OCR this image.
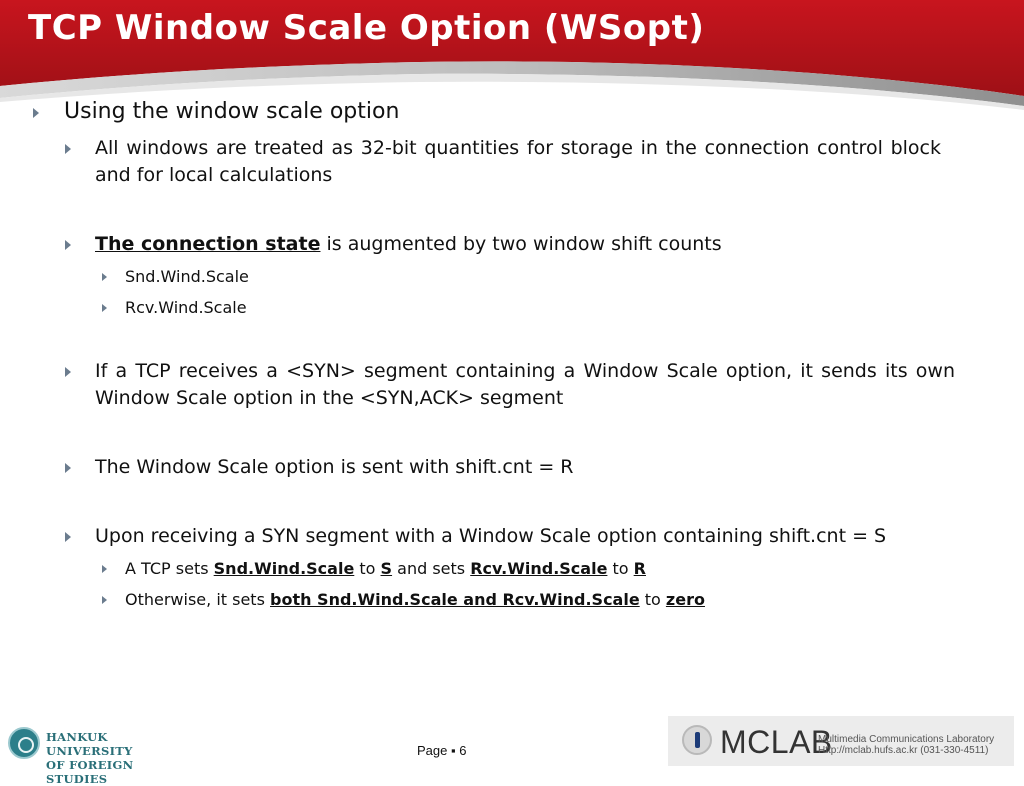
TCP Window Scale Option (WSopt)
Using the window scale option
All windows are treated as 32-bit quantities for storage in the connection control block and for local calculations
The connection state is augmented by two window shift counts
Snd.Wind.Scale
Rcv.Wind.Scale
If a TCP receives a <SYN> segment containing a Window Scale option, it sends its own Window Scale option in the <SYN,ACK> segment
The Window Scale option is sent with shift.cnt = R
Upon receiving a SYN segment with a Window Scale option containing shift.cnt = S
A TCP sets Snd.Wind.Scale to S and sets Rcv.Wind.Scale to R
Otherwise, it sets both Snd.Wind.Scale and Rcv.Wind.Scale to zero
HANKUK UNIVERSITY
OF FOREIGN STUDIES
Page ▪ 6	MCLAB
Multimedia Communications Laboratory
Http://mclab.hufs.ac.kr (031-330-4511)
